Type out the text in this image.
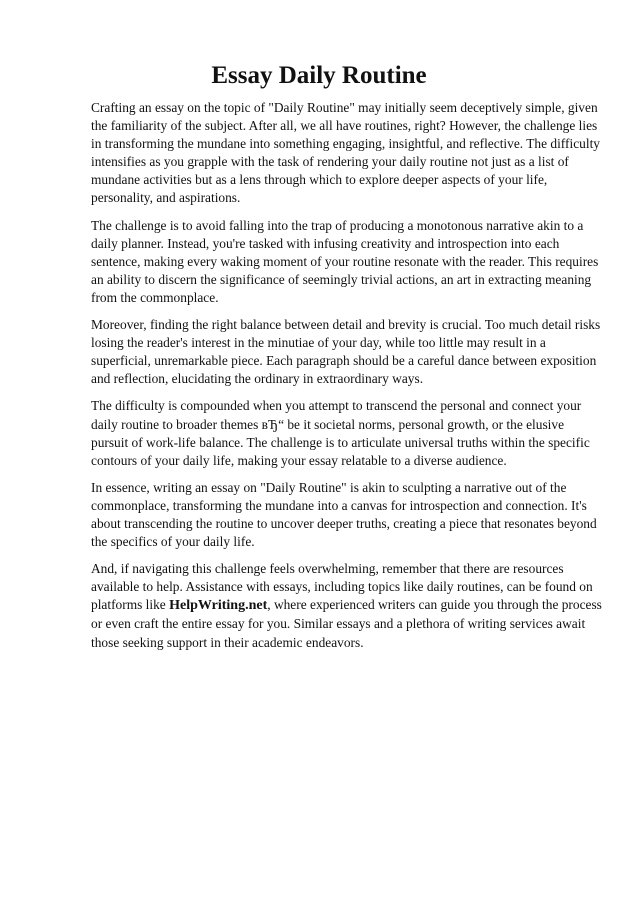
Essay Daily Routine

Crafting an essay on the topic of "Daily Routine" may initially seem deceptively simple, given the familiarity of the subject. After all, we all have routines, right? However, the challenge lies in transforming the mundane into something engaging, insightful, and reflective. The difficulty intensifies as you grapple with the task of rendering your daily routine not just as a list of mundane activities but as a lens through which to explore deeper aspects of your life, personality, and aspirations.

The challenge is to avoid falling into the trap of producing a monotonous narrative akin to a daily planner. Instead, you're tasked with infusing creativity and introspection into each sentence, making every waking moment of your routine resonate with the reader. This requires an ability to discern the significance of seemingly trivial actions, an art in extracting meaning from the commonplace.

Moreover, finding the right balance between detail and brevity is crucial. Too much detail risks losing the reader's interest in the minutiae of your day, while too little may result in a superficial, unremarkable piece. Each paragraph should be a careful dance between exposition and reflection, elucidating the ordinary in extraordinary ways.

The difficulty is compounded when you attempt to transcend the personal and connect your daily routine to broader themes вЂ“ be it societal norms, personal growth, or the elusive pursuit of work-life balance. The challenge is to articulate universal truths within the specific contours of your daily life, making your essay relatable to a diverse audience.

In essence, writing an essay on "Daily Routine" is akin to sculpting a narrative out of the commonplace, transforming the mundane into a canvas for introspection and connection. It's about transcending the routine to uncover deeper truths, creating a piece that resonates beyond the specifics of your daily life.

And, if navigating this challenge feels overwhelming, remember that there are resources available to help. Assistance with essays, including topics like daily routines, can be found on platforms like HelpWriting.net, where experienced writers can guide you through the process or even craft the entire essay for you. Similar essays and a plethora of writing services await those seeking support in their academic endeavors.
